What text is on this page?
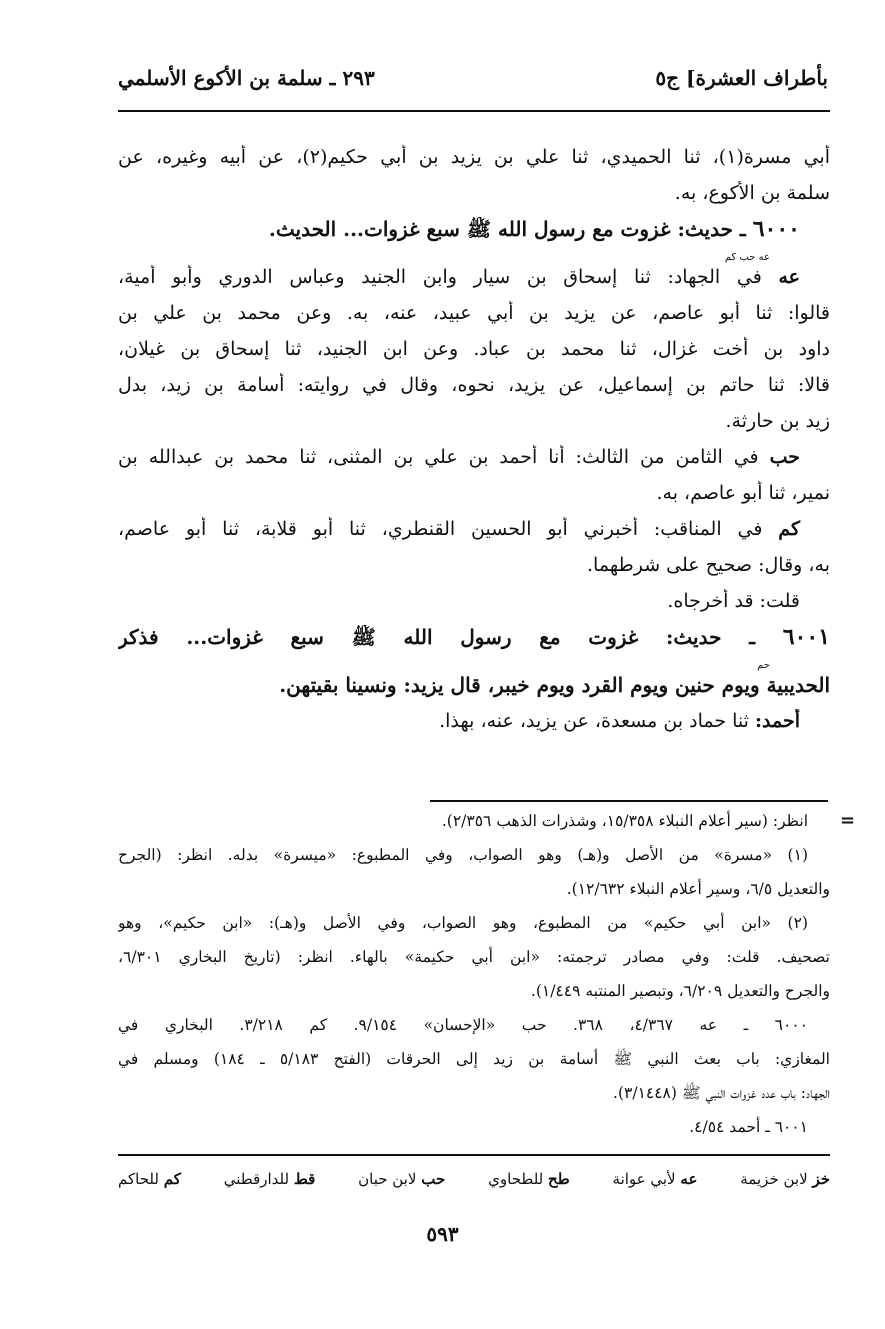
بأطراف العشرة] ج٥
٢٩٣ ـ سلمة بن الأكوع الأسلمي
أبي مسرة(١)، ثنا الحميدي، ثنا علي بن يزيد بن أبي حكيم(٢)، عن أبيه وغيره، عن
سلمة بن الأكوع، به.
٦٠٠٠ ـ حديث: غزوت مع رسول الله ﷺ سبع غزوات... الحديث.
عه حب كم
عه في الجهاد: ثنا إسحاق بن سيار وابن الجنيد وعباس الدوري وأبو أمية،
قالوا: ثنا أبو عاصم، عن يزيد بن أبي عبيد، عنه، به. وعن محمد بن علي بن
داود بن أخت غزال، ثنا محمد بن عباد. وعن ابن الجنيد، ثنا إسحاق بن غيلان،
قالا: ثنا حاتم بن إسماعيل، عن يزيد، نحوه، وقال في روايته: أسامة بن زيد، بدل
زيد بن حارثة.
حب في الثامن من الثالث: أنا أحمد بن علي بن المثنى، ثنا محمد بن عبدالله بن
نمير، ثنا أبو عاصم، به.
كم في المناقب: أخبرني أبو الحسين القنطري، ثنا أبو قلابة، ثنا أبو عاصم،
به، وقال: صحيح على شرطهما.
قلت: قد أخرجاه.
٦٠٠١ ـ حديث: غزوت مع رسول الله ﷺ سبع غزوات... فذكر
حم
الحديبية ويوم حنين ويوم القرد ويوم خيبر، قال يزيد: ونسينا بقيتهن.
أحمد: ثنا حماد بن مسعدة، عن يزيد، عنه، بهذا.
=
انظر: (سير أعلام النبلاء ١٥/٣٥٨، وشذرات الذهب ٢/٣٥٦).
(١) «مسرة» من الأصل و(هـ) وهو الصواب، وفي المطبوع: «ميسرة» بدله. انظر: (الجرح
والتعديل ٦/٥، وسير أعلام النبلاء ١٢/٦٣٢).
(٢) «ابن أبي حكيم» من المطبوع، وهو الصواب، وفي الأصل و(هـ): «ابن حكيم»، وهو
تصحيف. قلت: وفي مصادر ترجمته: «ابن أبي حكيمة» بالهاء. انظر: (تاريخ البخاري ٦/٣٠١،
والجرح والتعديل ٦/٢٠٩، وتبصير المنتبه ١/٤٤٩).
٦٠٠٠ ـ عه ٤/٣٦٧، ٣٦٨. حب «الإحسان» ٩/١٥٤. كم ٣/٢١٨. البخاري في
المغازي: باب بعث النبي ﷺ أسامة بن زيد إلى الحرقات (الفتح ٥/١٨٣ ـ ١٨٤) ومسلم في
الجهاد: باب عدد غزوات النبي ﷺ (٣/١٤٤٨).
٦٠٠١ ـ أحمد ٤/٥٤.
خز لابن خزيمة
عه لأبي عوانة
طح للطحاوي
حب لابن حبان
قط للدارقطني
كم للحاكم
٥٩٣
